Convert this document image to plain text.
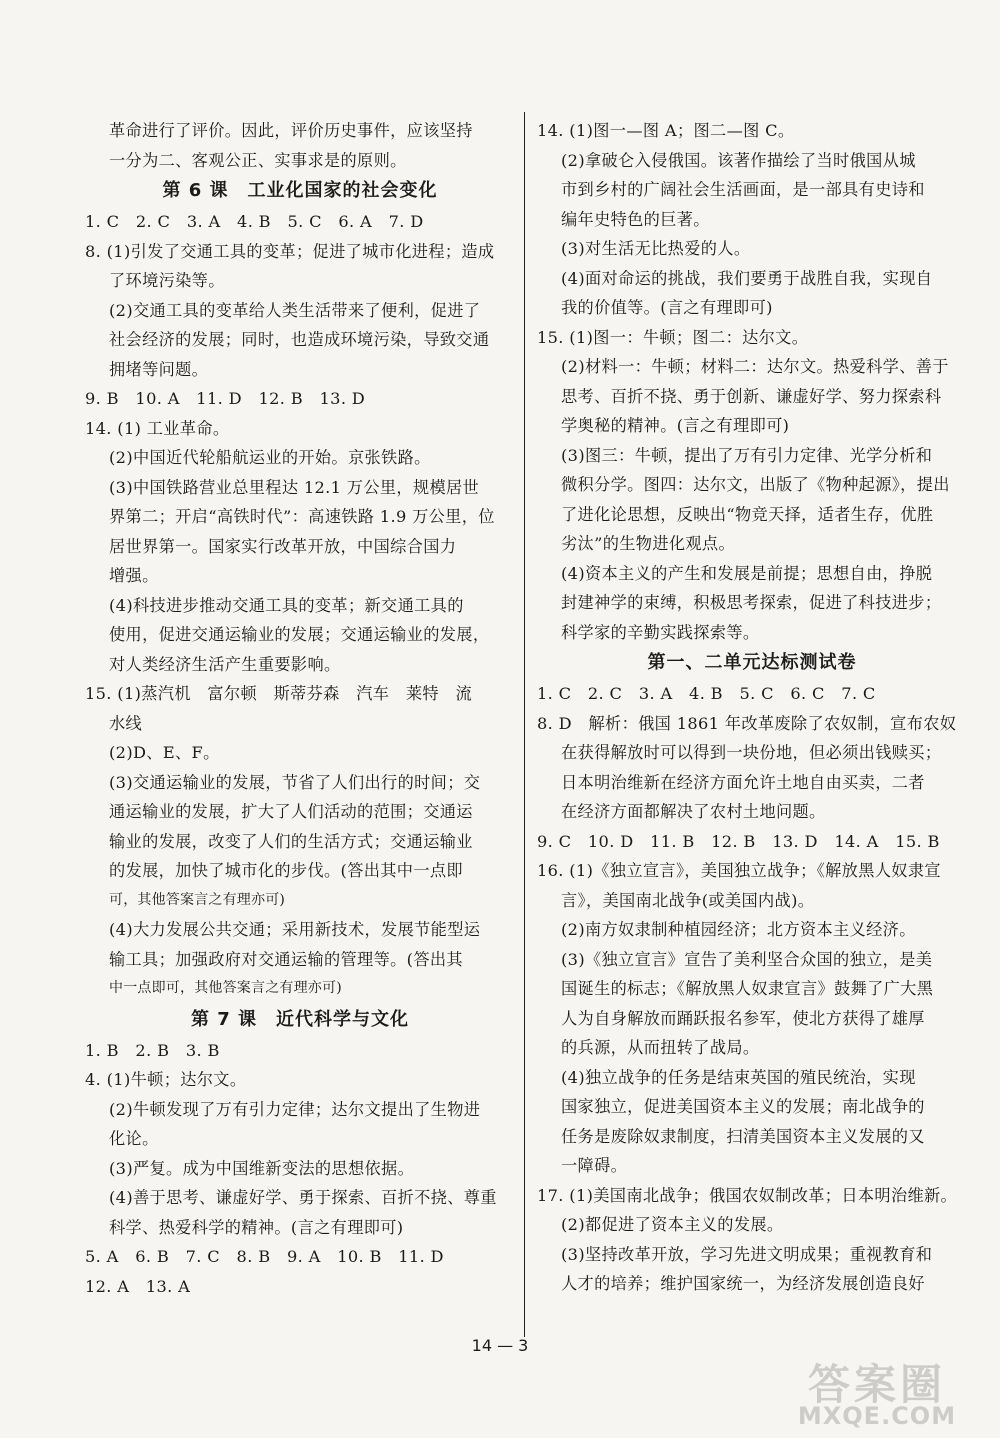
革命进行了评价。因此，评价历史事件，应该坚持
一分为二、客观公正、实事求是的原则。
第 6 课　工业化国家的社会变化
1. C　2. C　3. A　4. B　5. C　6. A　7. D
8. (1)引发了交通工具的变革；促进了城市化进程；造成
了环境污染等。
(2)交通工具的变革给人类生活带来了便利，促进了
社会经济的发展；同时，也造成环境污染，导致交通
拥堵等问题。
9. B　10. A　11. D　12. B　13. D
14. (1) 工业革命。
(2)中国近代轮船航运业的开始。京张铁路。
(3)中国铁路营业总里程达 12.1 万公里，规模居世
界第二；开启“高铁时代”：高速铁路 1.9 万公里，位
居世界第一。国家实行改革开放，中国综合国力
增强。
(4)科技进步推动交通工具的变革；新交通工具的
使用，促进交通运输业的发展；交通运输业的发展，
对人类经济生活产生重要影响。
15. (1)蒸汽机　富尔顿　斯蒂芬森　汽车　莱特　流
水线
(2)D、E、F。
(3)交通运输业的发展，节省了人们出行的时间；交
通运输业的发展，扩大了人们活动的范围；交通运
输业的发展，改变了人们的生活方式；交通运输业
的发展，加快了城市化的步伐。(答出其中一点即
可，其他答案言之有理亦可)
(4)大力发展公共交通；采用新技术，发展节能型运
输工具；加强政府对交通运输的管理等。(答出其
中一点即可，其他答案言之有理亦可)
第 7 课　近代科学与文化
1. B　2. B　3. B
4. (1)牛顿；达尔文。
(2)牛顿发现了万有引力定律；达尔文提出了生物进
化论。
(3)严复。成为中国维新变法的思想依据。
(4)善于思考、谦虚好学、勇于探索、百折不挠、尊重
科学、热爱科学的精神。(言之有理即可)
5. A　6. B　7. C　8. B　9. A　10. B　11. D
12. A　13. A
14. (1)图一—图 A；图二—图 C。
(2)拿破仑入侵俄国。该著作描绘了当时俄国从城
市到乡村的广阔社会生活画面，是一部具有史诗和
编年史特色的巨著。
(3)对生活无比热爱的人。
(4)面对命运的挑战，我们要勇于战胜自我，实现自
我的价值等。(言之有理即可)
15. (1)图一：牛顿；图二：达尔文。
(2)材料一：牛顿；材料二：达尔文。热爱科学、善于
思考、百折不挠、勇于创新、谦虚好学、努力探索科
学奥秘的精神。(言之有理即可)
(3)图三：牛顿，提出了万有引力定律、光学分析和
微积分学。图四：达尔文，出版了《物种起源》，提出
了进化论思想，反映出“物竞天择，适者生存，优胜
劣汰”的生物进化观点。
(4)资本主义的产生和发展是前提；思想自由，挣脱
封建神学的束缚，积极思考探索，促进了科技进步；
科学家的辛勤实践探索等。
第一、二单元达标测试卷
1. C　2. C　3. A　4. B　5. C　6. C　7. C
8. D　解析：俄国 1861 年改革废除了农奴制，宣布农奴
在获得解放时可以得到一块份地，但必须出钱赎买；
日本明治维新在经济方面允许土地自由买卖，二者
在经济方面都解决了农村土地问题。
9. C　10. D　11. B　12. B　13. D　14. A　15. B
16. (1)《独立宣言》，美国独立战争；《解放黑人奴隶宣
言》，美国南北战争(或美国内战)。
(2)南方奴隶制种植园经济；北方资本主义经济。
(3)《独立宣言》宣告了美利坚合众国的独立，是美
国诞生的标志；《解放黑人奴隶宣言》鼓舞了广大黑
人为自身解放而踊跃报名参军，使北方获得了雄厚
的兵源，从而扭转了战局。
(4)独立战争的任务是结束英国的殖民统治，实现
国家独立，促进美国资本主义的发展；南北战争的
任务是废除奴隶制度，扫清美国资本主义发展的又
一障碍。
17. (1)美国南北战争；俄国农奴制改革；日本明治维新。
(2)都促进了资本主义的发展。
(3)坚持改革开放，学习先进文明成果；重视教育和
人才的培养；维护国家统一，为经济发展创造良好
14 — 3
答案圈
MXQE.COM
